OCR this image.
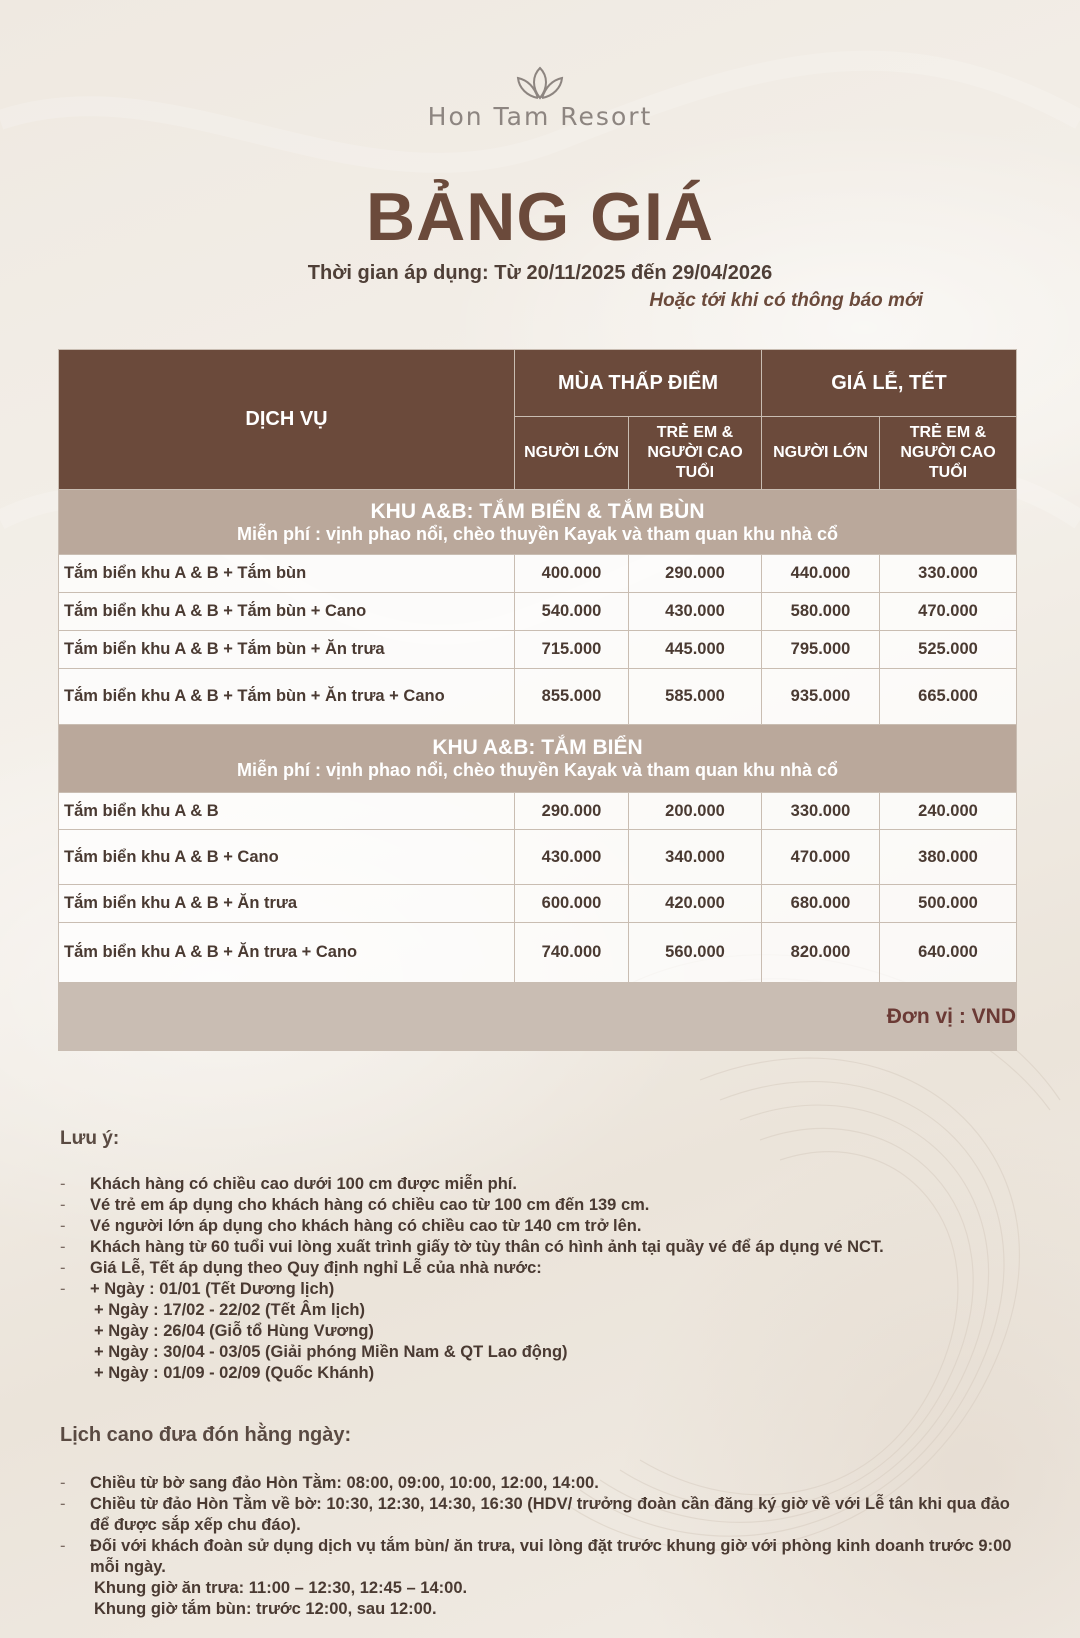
Hon Tam Resort
BẢNG GIÁ
Thời gian áp dụng: Từ 20/11/2025 đến 29/04/2026
Hoặc tới khi có thông báo mới
DỊCH VỤ	MÙA THẤP ĐIỂM		GIÁ LỄ, TẾT	
	NGƯỜI LỚN	TRẺ EM & NGƯỜI CAO TUỔI	NGƯỜI LỚN	TRẺ EM & NGƯỜI CAO TUỔI

KHU A&B: TẮM BIỂN & TẮM BÙN
Miễn phí : vịnh phao nổi, chèo thuyền Kayak và tham quan khu nhà cổ				

Tắm biển khu A & B + Tắm bùn	400.000	290.000	440.000	330.000
Tắm biển khu A & B + Tắm bùn + Cano	540.000	430.000	580.000	470.000
Tắm biển khu A & B + Tắm bùn + Ăn trưa	715.000	445.000	795.000	525.000
Tắm biển khu A & B + Tắm bùn + Ăn trưa + Cano	855.000	585.000	935.000	665.000

KHU A&B: TẮM BIỂN
Miễn phí : vịnh phao nổi, chèo thuyền Kayak và tham quan khu nhà cổ				

Tắm biển khu A & B	290.000	200.000	330.000	240.000
Tắm biển khu A & B + Cano	430.000	340.000	470.000	380.000
Tắm biển khu A & B + Ăn trưa	600.000	420.000	680.000	500.000
Tắm biển khu A & B + Ăn trưa + Cano	740.000	560.000	820.000	640.000
Đơn vị : VND				
Lưu ý:
- Khách hàng có chiều cao dưới 100 cm được miễn phí.
- Vé trẻ em áp dụng cho khách hàng có chiều cao từ 100 cm đến 139 cm.
- Vé người lớn áp dụng cho khách hàng có chiều cao từ 140 cm trở lên.
- Khách hàng từ 60 tuổi vui lòng xuất trình giấy tờ tùy thân có hình ảnh tại quầy vé để áp dụng vé NCT.
- Giá Lễ, Tết áp dụng theo Quy định nghỉ Lễ của nhà nước:
- + Ngày : 01/01 (Tết Dương lịch)
+ Ngày : 17/02 - 22/02 (Tết Âm lịch)
+ Ngày : 26/04 (Giỗ tổ Hùng Vương)
+ Ngày : 30/04 - 03/05 (Giải phóng Miền Nam & QT Lao động)
+ Ngày : 01/09 - 02/09 (Quốc Khánh)
Lịch cano đưa đón hằng ngày:
- Chiều từ bờ sang đảo Hòn Tằm: 08:00, 09:00, 10:00, 12:00, 14:00.
- Chiều từ đảo Hòn Tằm về bờ: 10:30, 12:30, 14:30, 16:30 (HDV/ trưởng đoàn cần đăng ký giờ về với Lễ tân khi qua đảo để được sắp xếp chu đáo).
- Đối với khách đoàn sử dụng dịch vụ tắm bùn/ ăn trưa, vui lòng đặt trước khung giờ với phòng kinh doanh trước 9:00 mỗi ngày.
Khung giờ ăn trưa: 11:00 – 12:30, 12:45 – 14:00.
Khung giờ tắm bùn: trước 12:00, sau 12:00.
